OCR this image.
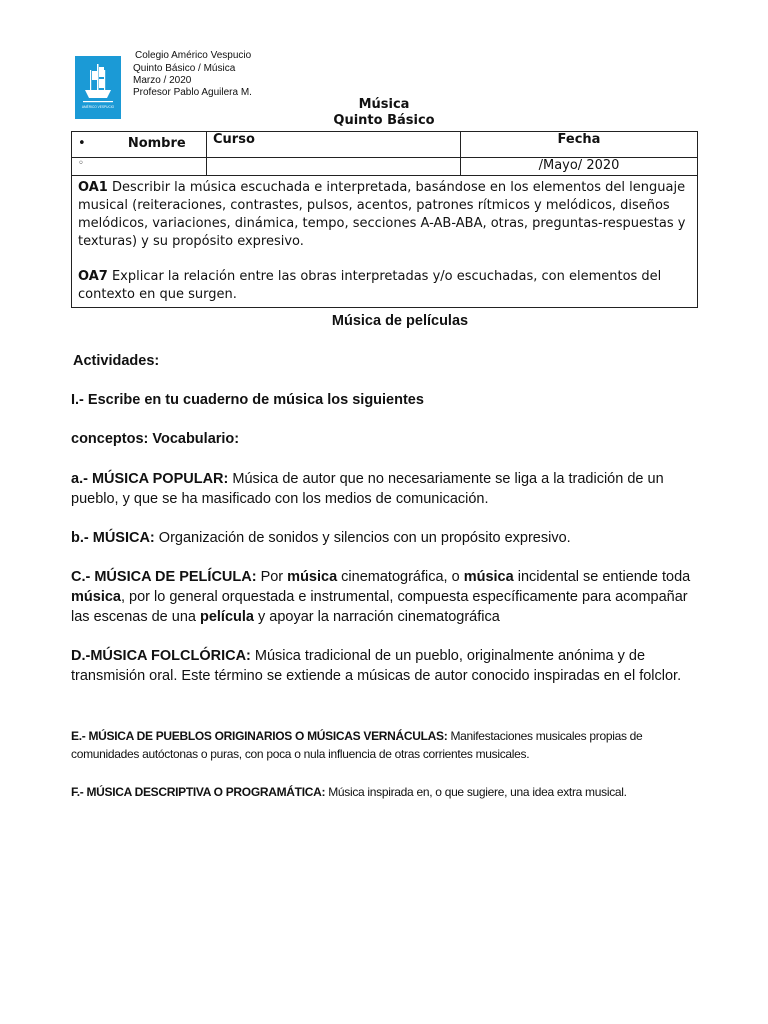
AMÉRICO VESPUCIO
Colegio Américo Vespucio
Quinto Básico / Música
Marzo / 2020
Profesor Pablo Aguilera M.
Música
Quinto Básico
• Nombre	Curso	Fecha
◦		/Mayo/ 2020

OA1 Describir la música escuchada e interpretada, basándose en los elementos del lenguaje musical (reiteraciones, contrastes, pulsos, acentos, patrones rítmicos y melódicos, diseños melódicos, variaciones, dinámica, tempo, secciones A-AB-ABA, otras, preguntas-respuestas y texturas) y su propósito expresivo.
OA7 Explicar la relación entre las obras interpretadas y/o escuchadas, con elementos del contexto en que surgen.		
Música de películas
Actividades:
I.- Escribe en tu cuaderno de música los siguientes
conceptos: Vocabulario:
a.- MÚSICA POPULAR: Música de autor que no necesariamente se liga a la tradición de un pueblo, y que se ha masificado con los medios de comunicación.
b.- MÚSICA: Organización de sonidos y silencios con un propósito expresivo.
C.- MÚSICA DE PELÍCULA: Por música cinematográfica, o música incidental se entiende toda música, por lo general orquestada e instrumental, compuesta específicamente para acompañar las escenas de una película y apoyar la narración cinematográfica
D.-MÚSICA FOLCLÓRICA: Música tradicional de un pueblo, originalmente anónima y de transmisión oral. Este término se extiende a músicas de autor conocido inspiradas en el folclor.
E.- MÚSICA DE PUEBLOS ORIGINARIOS O MÚSICAS VERNÁCULAS: Manifestaciones musicales propias de comunidades autóctonas o puras, con poca o nula influencia de otras corrientes musicales.
F.- MÚSICA DESCRIPTIVA O PROGRAMÁTICA: Música inspirada en, o que sugiere, una idea extra musical.
